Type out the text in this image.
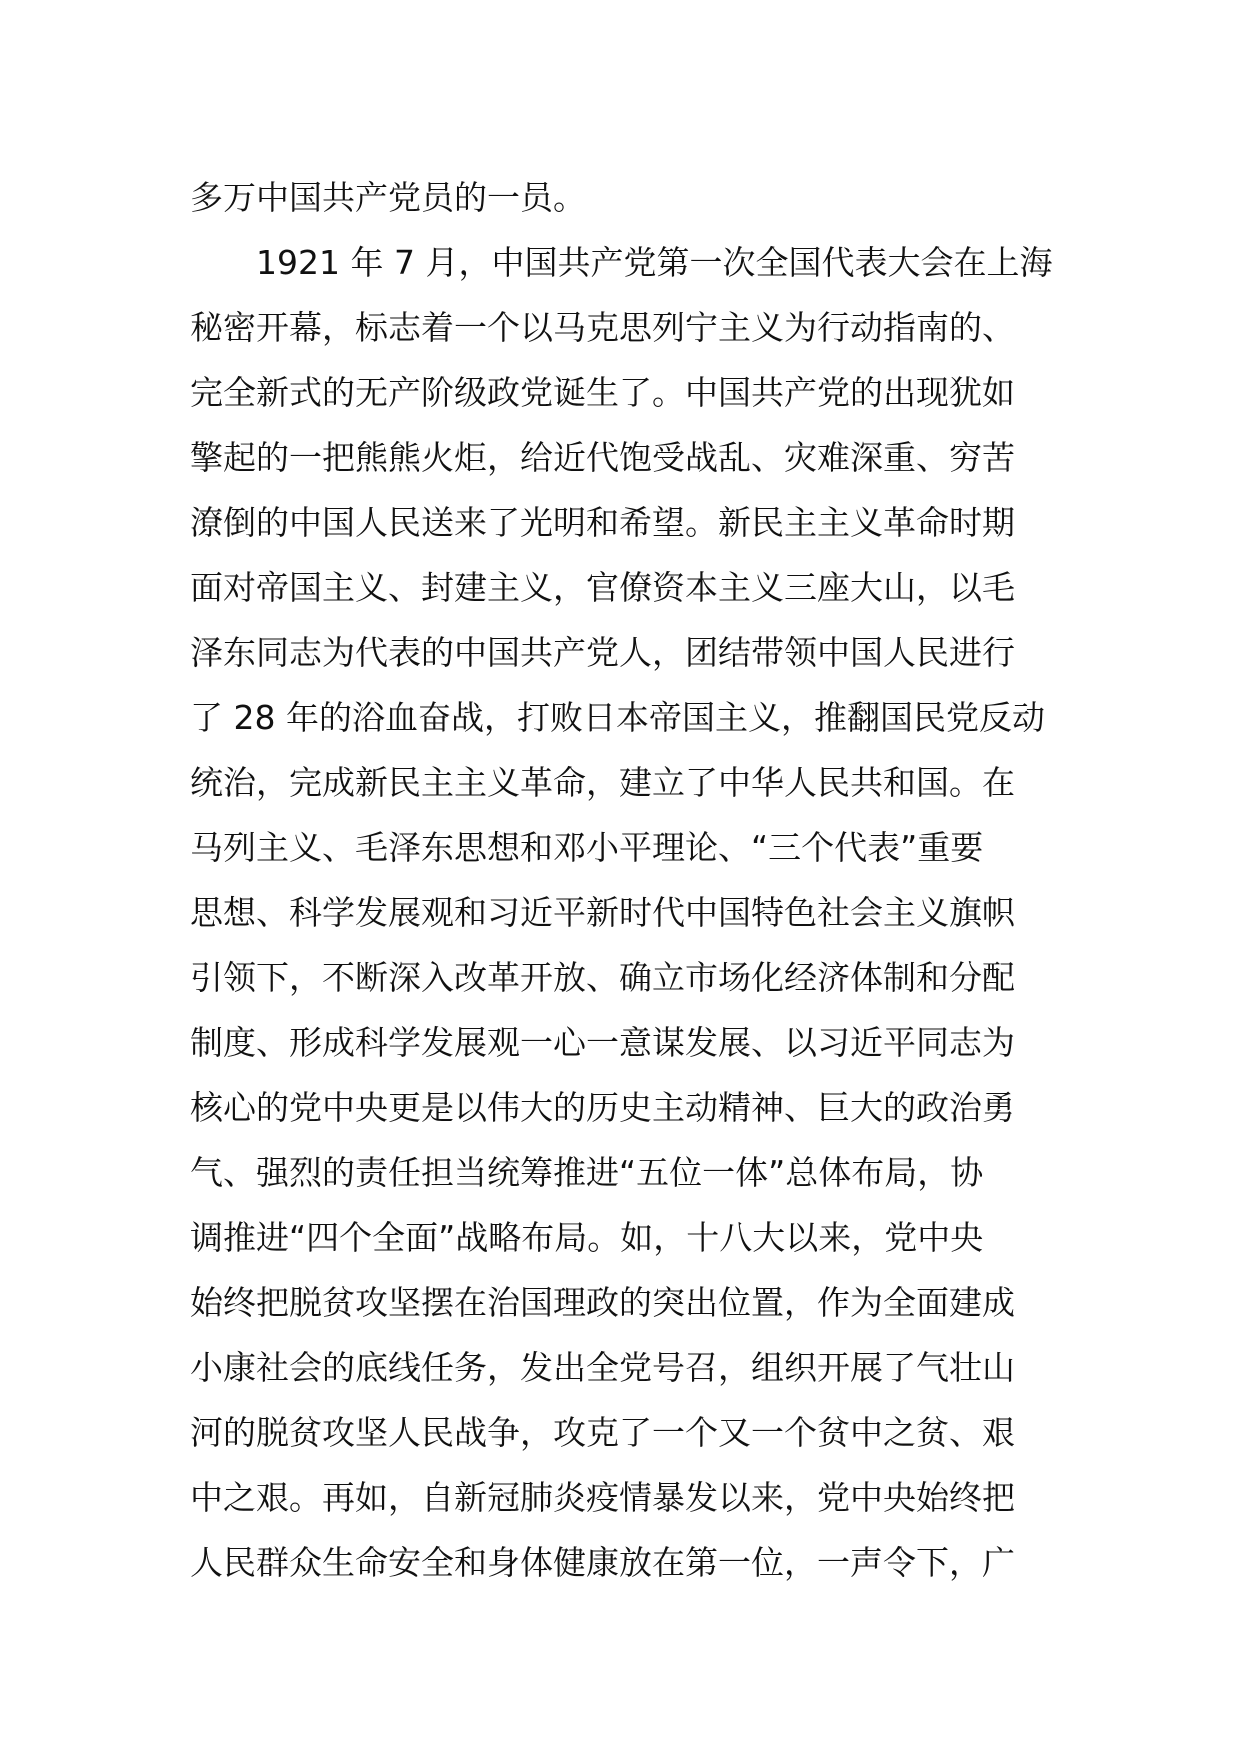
多万中国共产党员的一员。
1921 年 7 月，中国共产党第一次全国代表大会在上海
秘密开幕，标志着一个以马克思列宁主义为行动指南的、
完全新式的无产阶级政党诞生了。中国共产党的出现犹如
擎起的一把熊熊火炬，给近代饱受战乱、灾难深重、穷苦
潦倒的中国人民送来了光明和希望。新民主主义革命时期
面对帝国主义、封建主义，官僚资本主义三座大山，以毛
泽东同志为代表的中国共产党人，团结带领中国人民进行
了 28 年的浴血奋战，打败日本帝国主义，推翻国民党反动
统治，完成新民主主义革命，建立了中华人民共和国。在
马列主义、毛泽东思想和邓小平理论、“三个代表”重要
思想、科学发展观和习近平新时代中国特色社会主义旗帜
引领下，不断深入改革开放、确立市场化经济体制和分配
制度、形成科学发展观一心一意谋发展、以习近平同志为
核心的党中央更是以伟大的历史主动精神、巨大的政治勇
气、强烈的责任担当统筹推进“五位一体”总体布局，协
调推进“四个全面”战略布局。如，十八大以来，党中央
始终把脱贫攻坚摆在治国理政的突出位置，作为全面建成
小康社会的底线任务，发出全党号召，组织开展了气壮山
河的脱贫攻坚人民战争，攻克了一个又一个贫中之贫、艰
中之艰。再如，自新冠肺炎疫情暴发以来，党中央始终把
人民群众生命安全和身体健康放在第一位，一声令下，广
